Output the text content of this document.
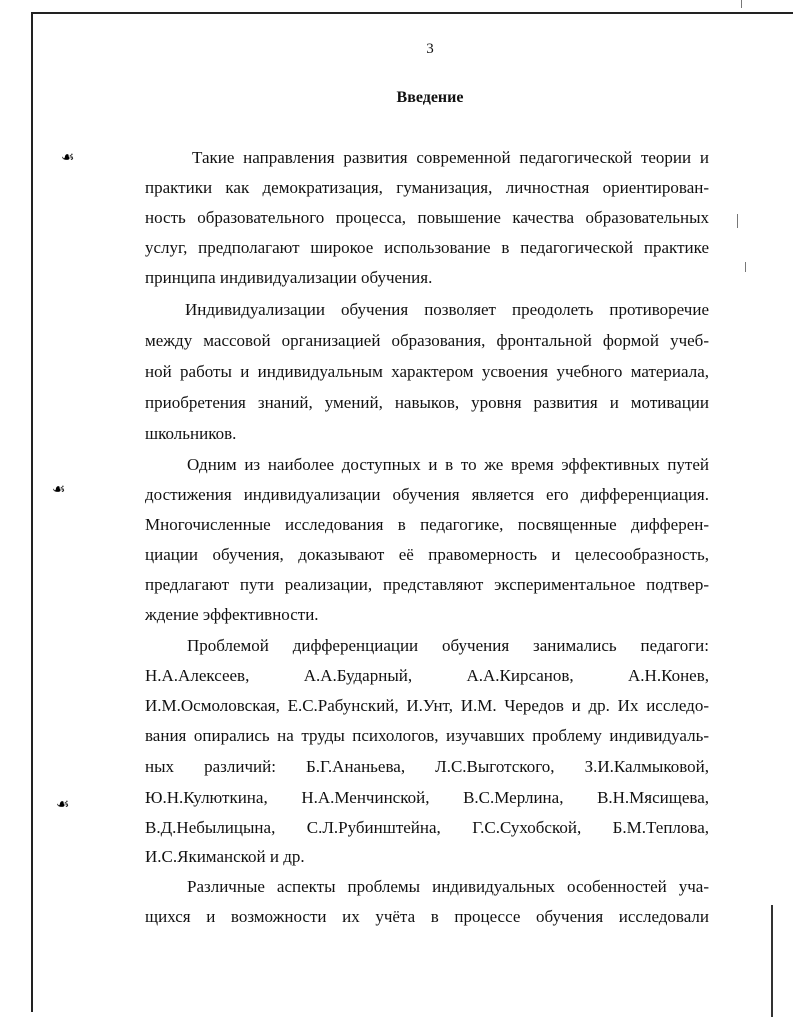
☙
☙
☙
3
Введение
Такие направления развития современной педагогической теории и
практики как демократизация, гуманизация, личностная ориентирован-
ность образовательного процесса, повышение качества образовательных
услуг, предполагают широкое использование в педагогической практике
принципа индивидуализации обучения.
Индивидуализации обучения позволяет преодолеть противоречие
между массовой организацией образования, фронтальной формой учеб-
ной работы и индивидуальным характером усвоения учебного материала,
приобретения знаний, умений, навыков, уровня развития и мотивации
школьников.
Одним из наиболее доступных и в то же время эффективных путей
достижения индивидуализации обучения является его дифференциация.
Многочисленные исследования в педагогике, посвященные дифферен-
циации обучения, доказывают её правомерность и целесообразность,
предлагают пути реализации, представляют экспериментальное подтвер-
ждение эффективности.
Проблемой дифференциации обучения занимались педагоги:
Н.А.Алексеев, А.А.Бударный, А.А.Кирсанов, А.Н.Конев,
И.М.Осмоловская, Е.С.Рабунский, И.Унт, И.М. Чередов и др. Их исследо-
вания опирались на труды психологов, изучавших проблему индивидуаль-
ных различий: Б.Г.Ананьева, Л.С.Выготского, З.И.Калмыковой,
Ю.Н.Кулюткина, Н.А.Менчинской, В.С.Мерлина, В.Н.Мясищева,
В.Д.Небылицына, С.Л.Рубинштейна, Г.С.Сухобской, Б.М.Теплова,
И.С.Якиманской и др.
Различные аспекты проблемы индивидуальных особенностей уча-
щихся и возможности их учёта в процессе обучения исследовали
